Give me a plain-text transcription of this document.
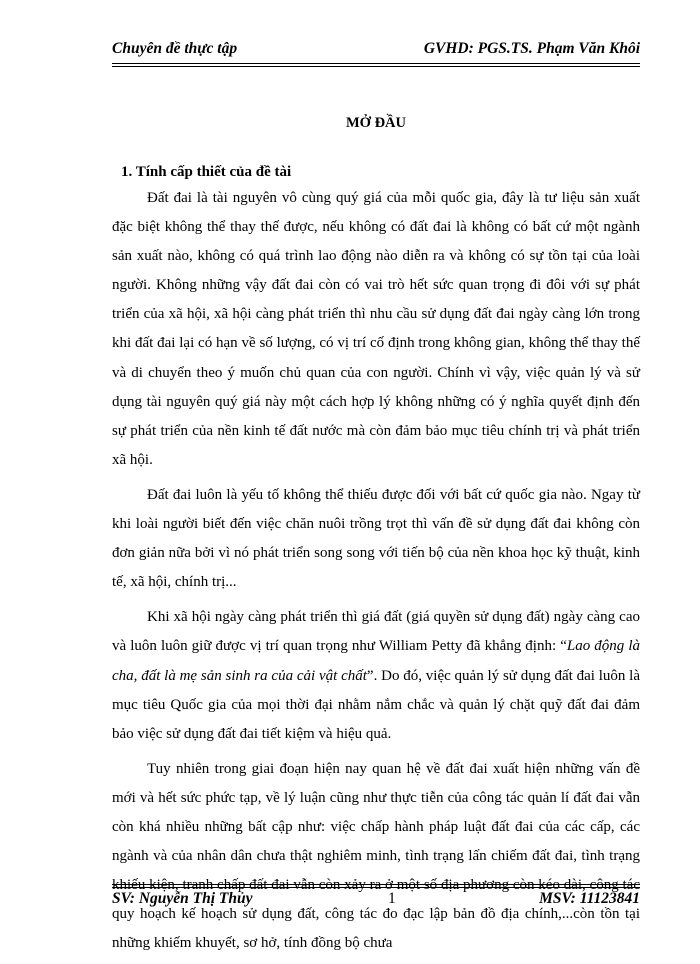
Chuyên đề thực tập	GVHD: PGS.TS. Phạm Văn Khôi
MỞ ĐẦU
1. Tính cấp thiết của đề tài

Đất đai là tài nguyên vô cùng quý giá của mỗi quốc gia, đây là tư liệu sản xuất đặc biệt không thể thay thế được, nếu không có đất đai là không có bất cứ một ngành sản xuất nào, không có quá trình lao động nào diễn ra và không có sự tồn tại của loài người. Không những vậy đất đai còn có vai trò hết sức quan trọng đi đôi với sự phát triển của xã hội, xã hội càng phát triển thì nhu cầu sử dụng đất đai ngày càng lớn trong khi đất đai lại có hạn về số lượng, có vị trí cố định trong không gian, không thể thay thế và di chuyển theo ý muốn chủ quan của con người. Chính vì vậy, việc quản lý và sử dụng tài nguyên quý giá này một cách hợp lý không những có ý nghĩa quyết định đến sự phát triển của nền kinh tế đất nước mà còn đảm bảo mục tiêu chính trị và phát triển xã hội.

Đất đai luôn là yếu tố không thể thiếu được đối với bất cứ quốc gia nào. Ngay từ khi loài người biết đến việc chăn nuôi trồng trọt thì vấn đề sử dụng đất đai không còn đơn giản nữa bởi vì nó phát triển song song với tiến bộ của nền khoa học kỹ thuật, kinh tế, xã hội, chính trị...

Khi xã hội ngày càng phát triển thì giá đất (giá quyền sử dụng đất) ngày càng cao và luôn luôn giữ được vị trí quan trọng như William Petty đã khẳng định: “Lao động là cha, đất là mẹ sản sinh ra của cải vật chất”. Do đó, việc quản lý sử dụng đất đai luôn là mục tiêu Quốc gia của mọi thời đại nhằm nắm chắc và quản lý chặt quỹ đất đai đảm bảo việc sử dụng đất đai tiết kiệm và hiệu quả.

Tuy nhiên trong giai đoạn hiện nay quan hệ về đất đai xuất hiện những vấn đề mới và hết sức phức tạp, về lý luận cũng như thực tiễn của công tác quản lí đất đai vẫn còn khá nhiều những bất cập như: việc chấp hành pháp luật đất đai của các cấp, các ngành và của nhân dân chưa thật nghiêm minh, tình trạng lấn chiếm đất đai, tình trạng khiếu kiện, tranh chấp đất đai vẫn còn xảy ra ở một số địa phương còn kéo dài, công tác quy hoạch kế hoạch sử dụng đất, công tác đo đạc lập bản đồ địa chính,...còn tồn tại những khiếm khuyết, sơ hở, tính đồng bộ chưa

SV: Nguyễn Thị Thủy	1	MSV: 11123841
